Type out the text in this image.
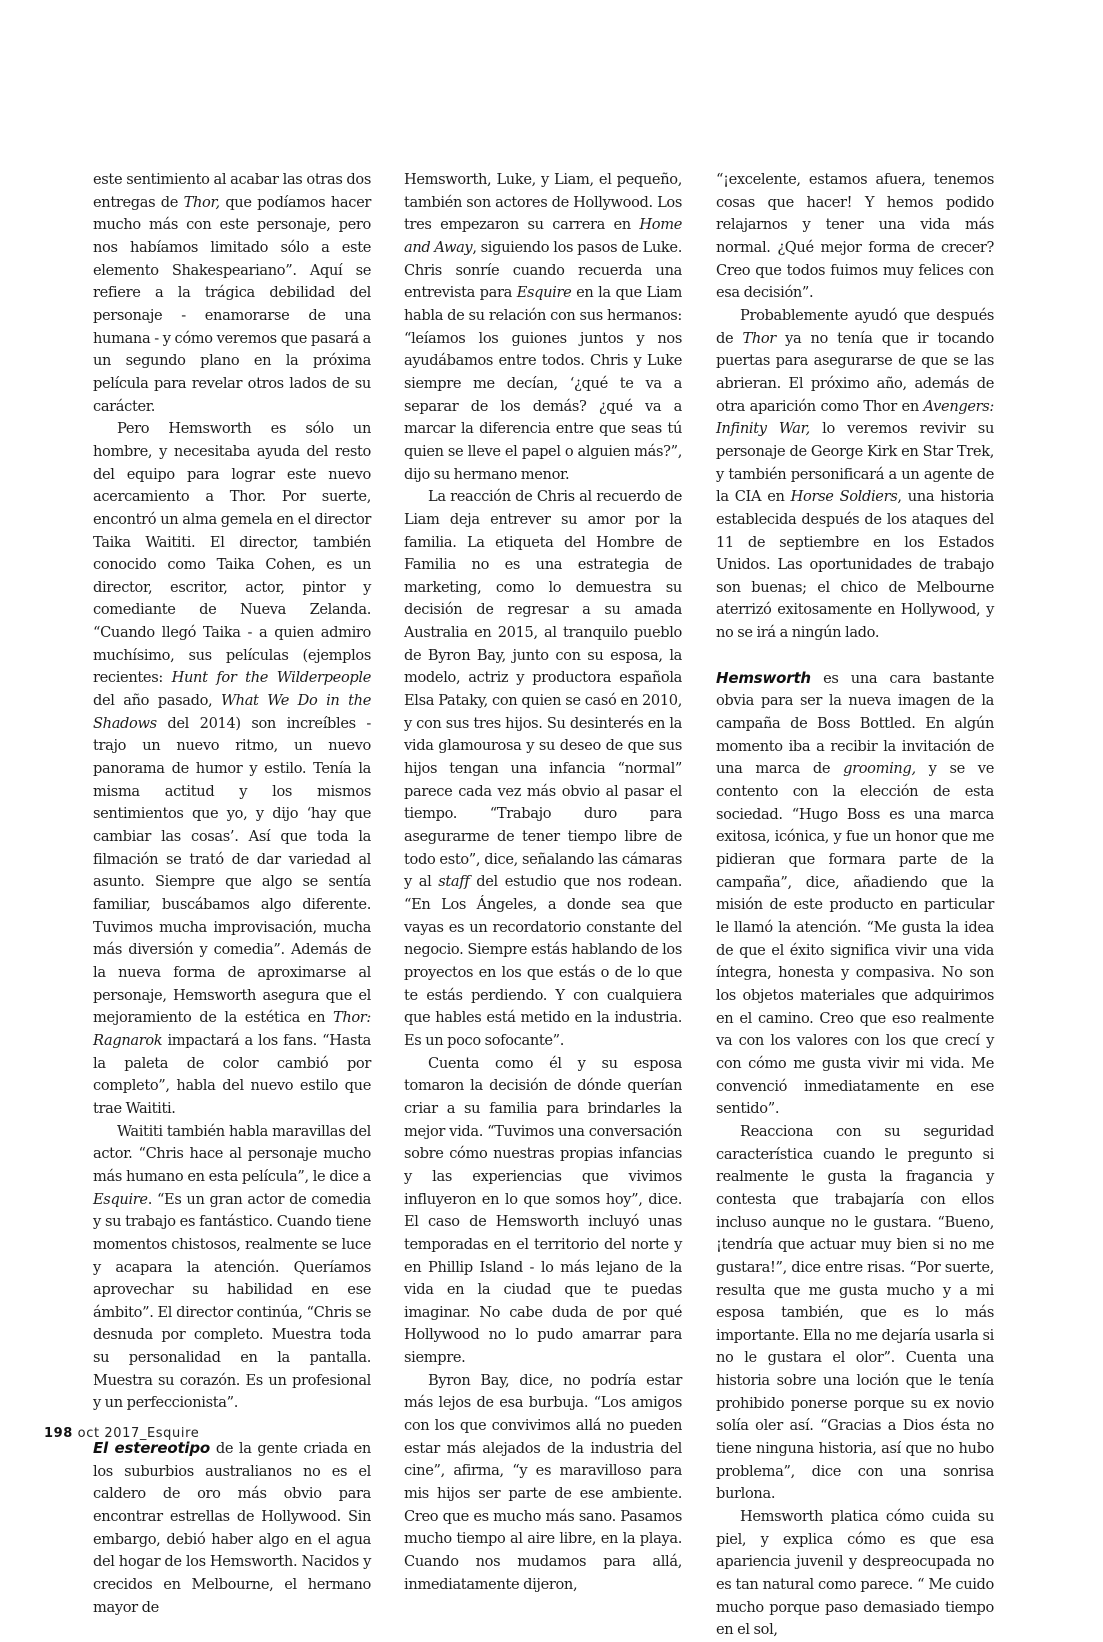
este sentimiento al acabar las otras dos entregas de Thor, que podíamos hacer mucho más con este personaje, pero nos habíamos limitado sólo a este elemento Shakespeariano”. Aquí se refiere a la trágica debilidad del personaje - enamorarse de una humana - y cómo veremos que pasará a un segundo plano en la próxima película para revelar otros lados de su carácter.

Pero Hemsworth es sólo un hombre, y necesitaba ayuda del resto del equipo para lograr este nuevo acercamiento a Thor. Por suerte, encontró un alma gemela en el director Taika Waititi. El director, también conocido como Taika Cohen, es un director, escritor, actor, pintor y comediante de Nueva Zelanda. “Cuando llegó Taika - a quien admiro muchísimo, sus películas (ejemplos recientes: Hunt for the Wilderpeople del año pasado, What We Do in the Shadows del 2014) son increíbles - trajo un nuevo ritmo, un nuevo panorama de humor y estilo. Tenía la misma actitud y los mismos sentimientos que yo, y dijo ‘hay que cambiar las cosas’. Así que toda la filmación se trató de dar variedad al asunto. Siempre que algo se sentía familiar, buscábamos algo diferente. Tuvimos mucha improvisación, mucha más diversión y comedia”. Además de la nueva forma de aproximarse al personaje, Hemsworth asegura que el mejoramiento de la estética en Thor: Ragnarok impactará a los fans. “Hasta la paleta de color cambió por completo”, habla del nuevo estilo que trae Waititi.

Waititi también habla maravillas del actor. “Chris hace al personaje mucho más humano en esta película”, le dice a Esquire. “Es un gran actor de comedia y su trabajo es fantástico. Cuando tiene momentos chistosos, realmente se luce y acapara la atención. Queríamos aprovechar su habilidad en ese ámbito”. El director continúa, “Chris se desnuda por completo. Muestra toda su personalidad en la pantalla. Muestra su corazón. Es un profesional y un perfeccionista”.

El estereotipo de la gente criada en los suburbios australianos no es el caldero de oro más obvio para encontrar estrellas de Hollywood. Sin embargo, debió haber algo en el agua del hogar de los Hemsworth. Nacidos y crecidos en Melbourne, el hermano mayor de

Hemsworth, Luke, y Liam, el pequeño, también son actores de Hollywood. Los tres empezaron su carrera en Home and Away, siguiendo los pasos de Luke. Chris sonríe cuando recuerda una entrevista para Esquire en la que Liam habla de su relación con sus hermanos: “leíamos los guiones juntos y nos ayudábamos entre todos. Chris y Luke siempre me decían, ‘¿qué te va a separar de los demás? ¿qué va a marcar la diferencia entre que seas tú quien se lleve el papel o alguien más?”, dijo su hermano menor.

La reacción de Chris al recuerdo de Liam deja entrever su amor por la familia. La etiqueta del Hombre de Familia no es una estrategia de marketing, como lo demuestra su decisión de regresar a su amada Australia en 2015, al tranquilo pueblo de Byron Bay, junto con su esposa, la modelo, actriz y productora española Elsa Pataky, con quien se casó en 2010, y con sus tres hijos. Su desinterés en la vida glamourosa y su deseo de que sus hijos tengan una infancia “normal” parece cada vez más obvio al pasar el tiempo. “Trabajo duro para asegurarme de tener tiempo libre de todo esto”, dice, señalando las cámaras y al staff del estudio que nos rodean. “En Los Ángeles, a donde sea que vayas es un recordatorio constante del negocio. Siempre estás hablando de los proyectos en los que estás o de lo que te estás perdiendo. Y con cualquiera que hables está metido en la industria. Es un poco sofocante”.

Cuenta como él y su esposa tomaron la decisión de dónde querían criar a su familia para brindarles la mejor vida. “Tuvimos una conversación sobre cómo nuestras propias infancias y las experiencias que vivimos influyeron en lo que somos hoy”, dice. El caso de Hemsworth incluyó unas temporadas en el territorio del norte y en Phillip Island - lo más lejano de la vida en la ciudad que te puedas imaginar. No cabe duda de por qué Hollywood no lo pudo amarrar para siempre.

Byron Bay, dice, no podría estar más lejos de esa burbuja. “Los amigos con los que convivimos allá no pueden estar más alejados de la industria del cine”, afirma, “y es maravilloso para mis hijos ser parte de ese ambiente. Creo que es mucho más sano. Pasamos mucho tiempo al aire libre, en la playa. Cuando nos mudamos para allá, inmediatamente dijeron,

“¡excelente, estamos afuera, tenemos cosas que hacer! Y hemos podido relajarnos y tener una vida más normal. ¿Qué mejor forma de crecer? Creo que todos fuimos muy felices con esa decisión”.

Probablemente ayudó que después de Thor ya no tenía que ir tocando puertas para asegurarse de que se las abrieran. El próximo año, además de otra aparición como Thor en Avengers: Infinity War, lo veremos revivir su personaje de George Kirk en Star Trek, y también personificará a un agente de la CIA en Horse Soldiers, una historia establecida después de los ataques del 11 de septiembre en los Estados Unidos. Las oportunidades de trabajo son buenas; el chico de Melbourne aterrizó exitosamente en Hollywood, y no se irá a ningún lado.

Hemsworth es una cara bastante obvia para ser la nueva imagen de la campaña de Boss Bottled. En algún momento iba a recibir la invitación de una marca de grooming, y se ve contento con la elección de esta sociedad. “Hugo Boss es una marca exitosa, icónica, y fue un honor que me pidieran que formara parte de la campaña”, dice, añadiendo que la misión de este producto en particular le llamó la atención. “Me gusta la idea de que el éxito significa vivir una vida íntegra, honesta y compasiva. No son los objetos materiales que adquirimos en el camino. Creo que eso realmente va con los valores con los que crecí y con cómo me gusta vivir mi vida. Me convenció inmediatamente en ese sentido”.

Reacciona con su seguridad característica cuando le pregunto si realmente le gusta la fragancia y contesta que trabajaría con ellos incluso aunque no le gustara. “Bueno, ¡tendría que actuar muy bien si no me gustara!”, dice entre risas. “Por suerte, resulta que me gusta mucho y a mi esposa también, que es lo más importante. Ella no me dejaría usarla si no le gustara el olor”. Cuenta una historia sobre una loción que le tenía prohibido ponerse porque su ex novio solía oler así. “Gracias a Dios ésta no tiene ninguna historia, así que no hubo problema”, dice con una sonrisa burlona.

Hemsworth platica cómo cuida su piel, y explica cómo es que esa apariencia juvenil y despreocupada no es tan natural como parece. “ Me cuido mucho porque paso demasiado tiempo en el sol,

198 oct 2017_Esquire
